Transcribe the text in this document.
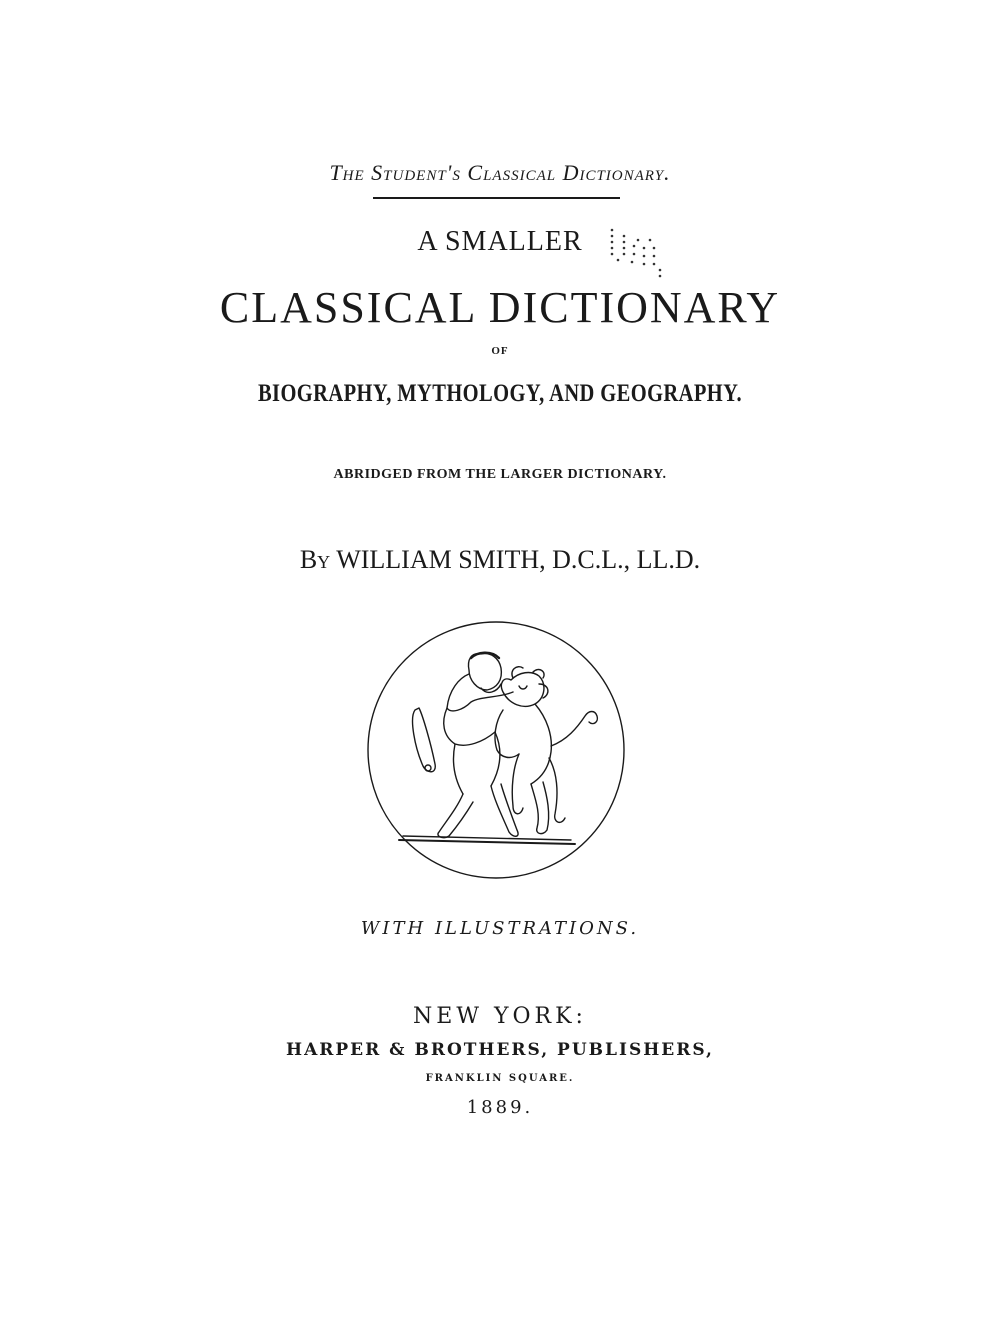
The Student's Classical Dictionary.
A SMALLER
CLASSICAL DICTIONARY
OF
BIOGRAPHY, MYTHOLOGY, AND GEOGRAPHY.
ABRIDGED FROM THE LARGER DICTIONARY.
By WILLIAM SMITH, D.C.L., LL.D.
WITH ILLUSTRATIONS.
NEW YORK:
HARPER & BROTHERS, PUBLISHERS,
FRANKLIN SQUARE.
1889.
